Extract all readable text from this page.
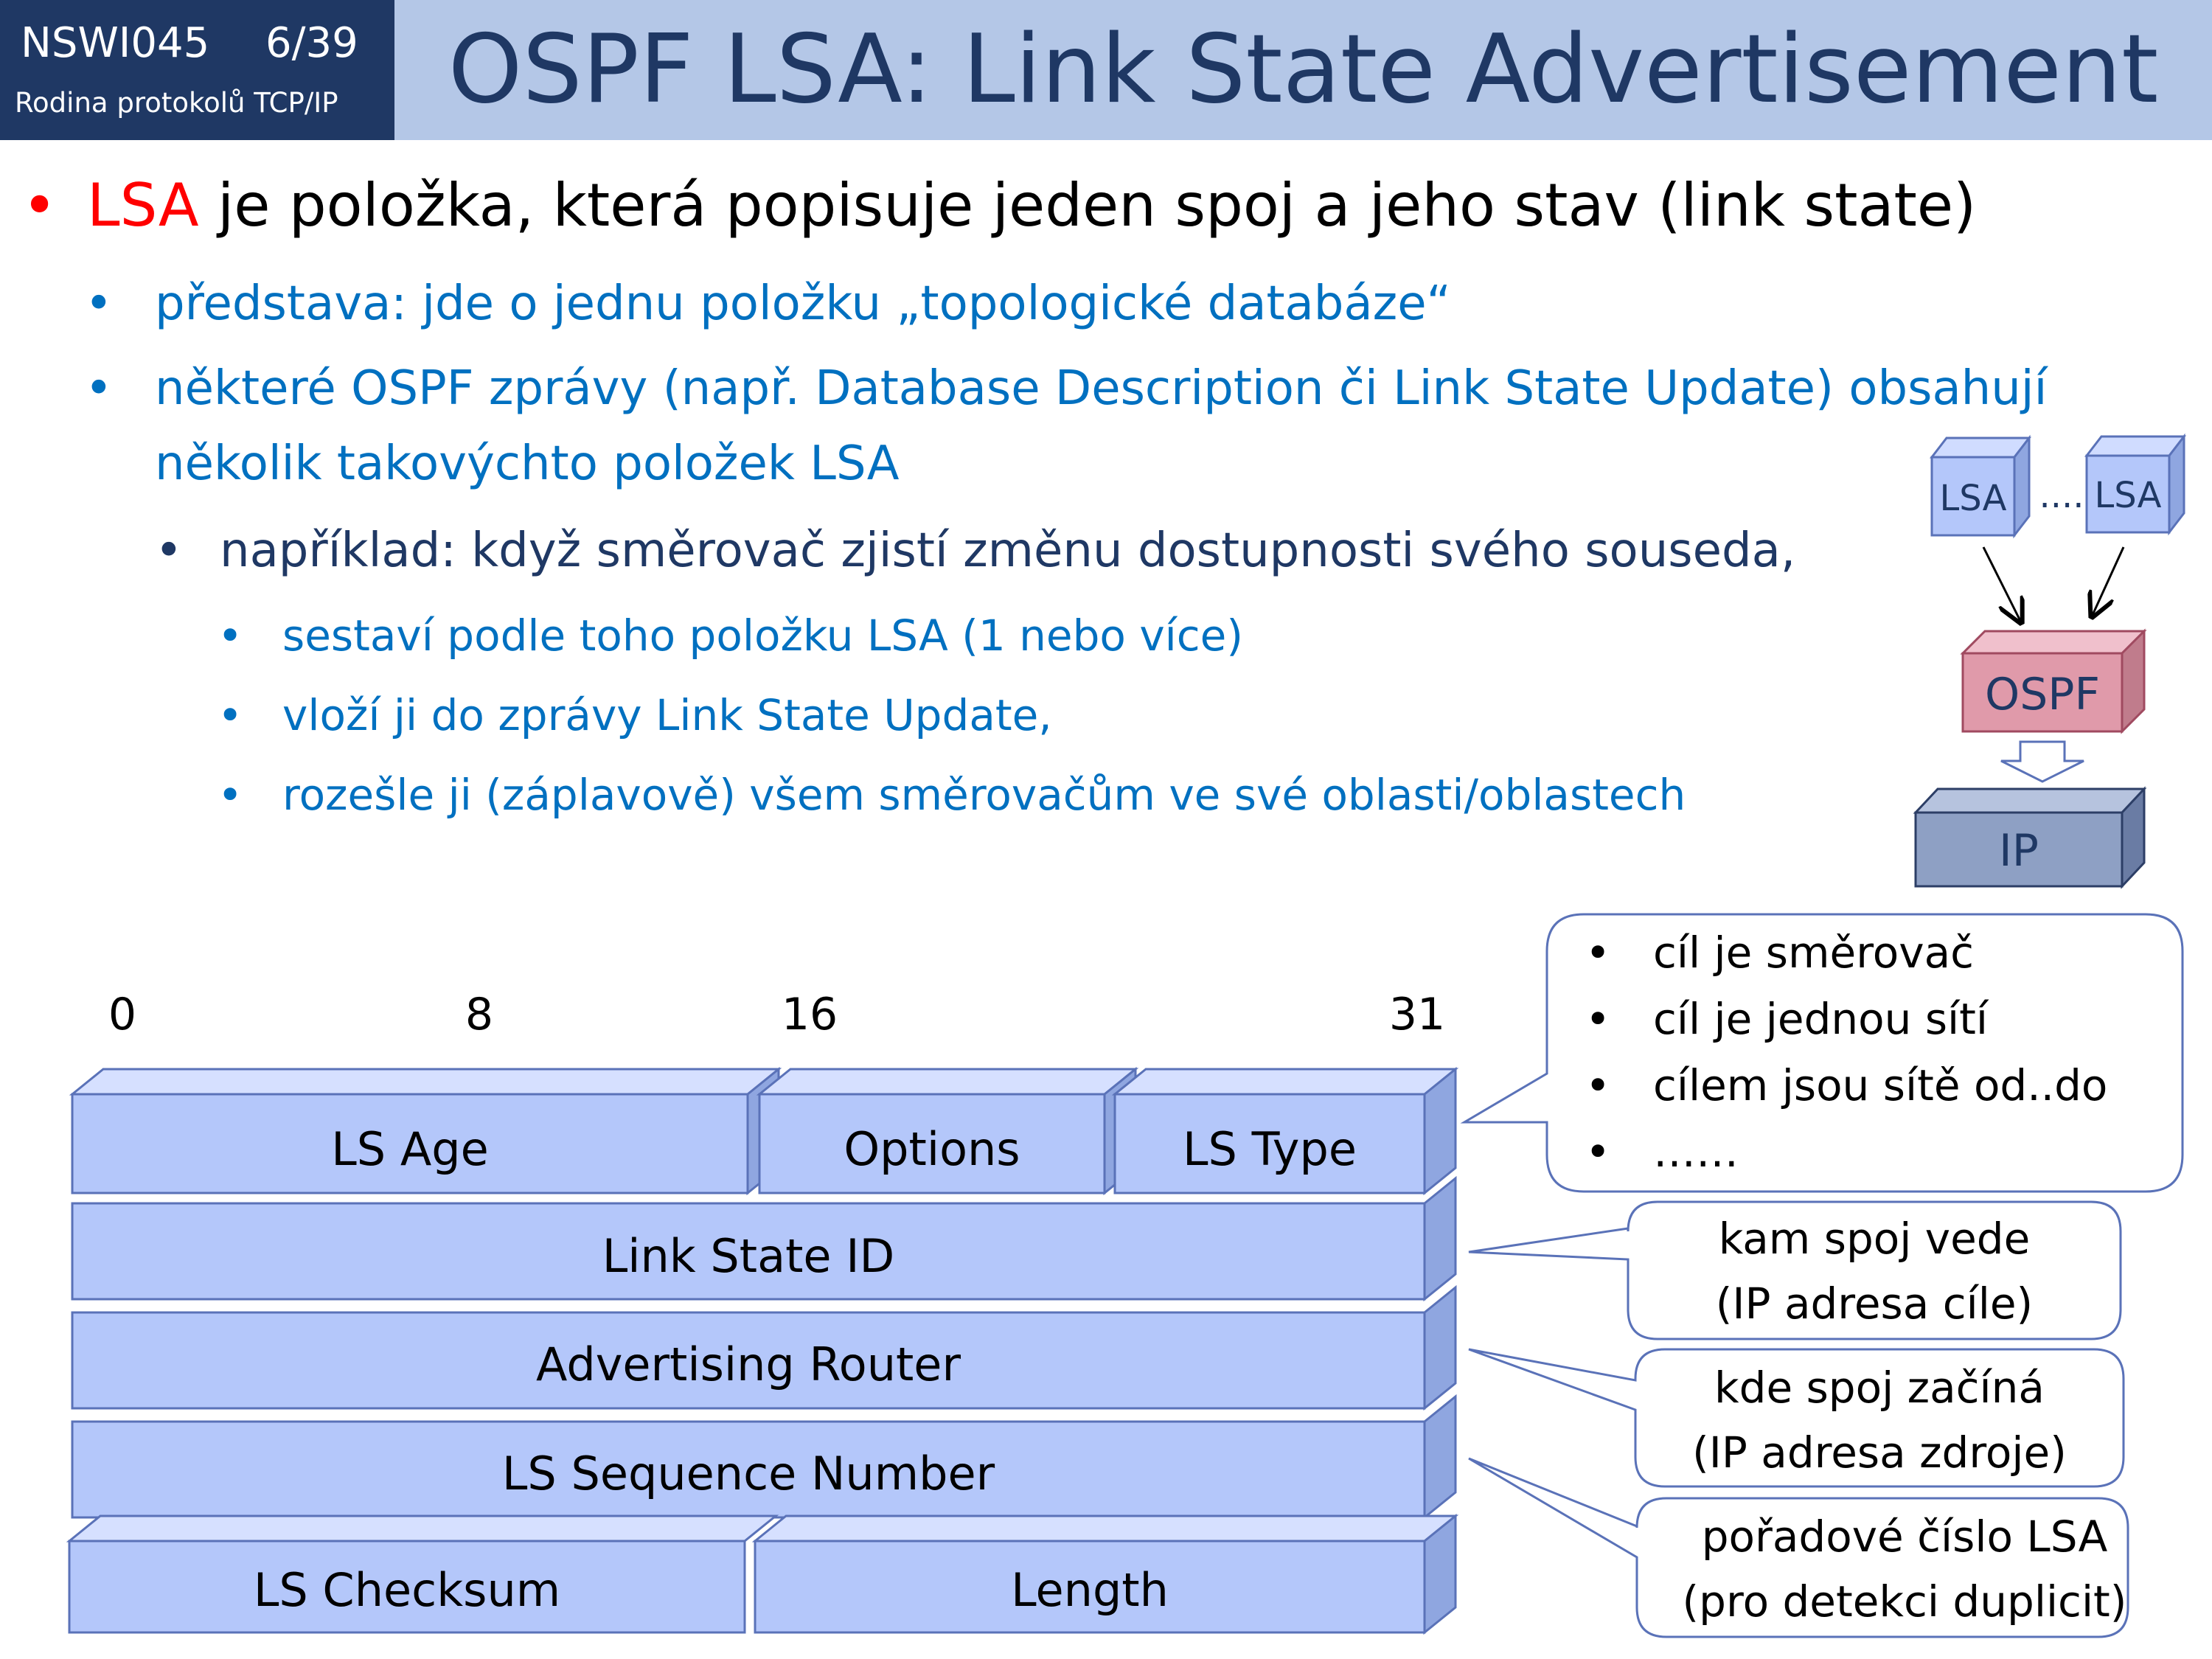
NSWI045 6/39
Rodina protokolů TCP/IP	OSPF LSA: Link State Advertisement
• LSA je položka, která popisuje jeden spoj a jeho stav (link state)
• představa: jde o jednu položku „topologické databáze“
• některé OSPF zprávy (např. Database Description či Link State Update) obsahují
několik takovýchto položek LSA
• například: když směrovač zjistí změnu dostupnosti svého souseda,
• sestaví podle toho položku LSA (1 nebo více)
• vloží ji do zprávy Link State Update,
• rozešle ji (záplavově) všem směrovačům ve své oblasti/oblastech
LSA .... LSA
OSPF
IP
0	8	16	31
LS Age	Options	LS Type
Link State ID
Advertising Router
LS Sequence Number
LS Checksum	Length
• cíl je směrovač
• cíl je jednou sítí
• cílem jsou sítě od..do
• ……
kam spoj vede
(IP adresa cíle)
kde spoj začíná
(IP adresa zdroje)
pořadové číslo LSA
(pro detekci duplicit)
